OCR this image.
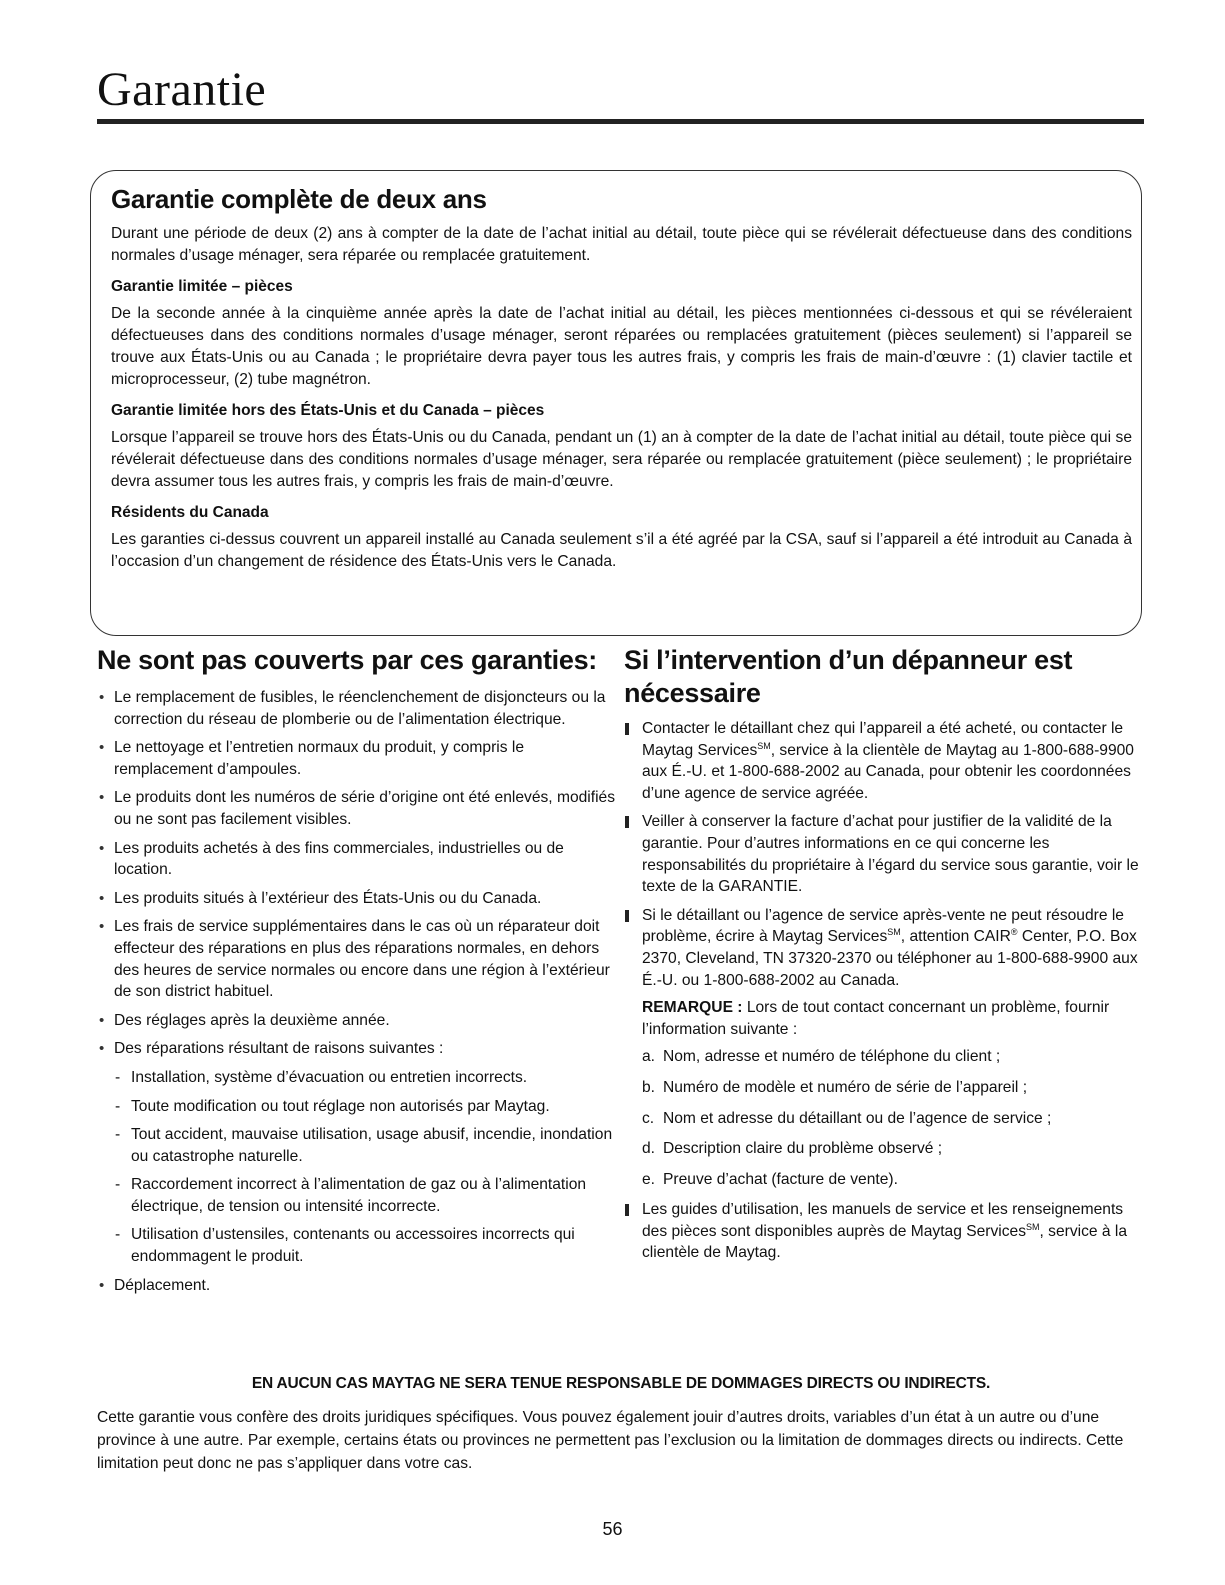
Garantie
Garantie complète de deux ans

Durant une période de deux (2) ans à compter de la date de l’achat initial au détail, toute pièce qui se révélerait défectueuse dans des conditions normales d’usage ménager, sera réparée ou remplacée gratuitement.

Garantie limitée – pièces

De la seconde année à la cinquième année après la date de l’achat initial au détail, les pièces mentionnées ci-dessous et qui se révéleraient défectueuses dans des conditions normales d’usage ménager, seront réparées ou remplacées gratuitement (pièces seulement) si l’appareil se trouve aux États-Unis ou au Canada ; le propriétaire devra payer tous les autres frais, y compris les frais de main-d’œuvre : (1) clavier tactile et microprocesseur, (2) tube magnétron.

Garantie limitée hors des États-Unis et du Canada – pièces

Lorsque l’appareil se trouve hors des États-Unis ou du Canada, pendant un (1) an à compter de la date de l’achat initial au détail, toute pièce qui se révélerait défectueuse dans des conditions normales d’usage ménager, sera réparée ou remplacée gratuitement (pièce seulement) ; le propriétaire devra assumer tous les autres frais, y compris les frais de main-d’œuvre.

Résidents du Canada

Les garanties ci-dessus couvrent un appareil installé au Canada seulement s’il a été agréé par la CSA, sauf si l’appareil a été introduit au Canada à l’occasion d’un changement de résidence des États-Unis vers le Canada.

Ne sont pas couverts par ces garanties:
• Le remplacement de fusibles, le réenclenchement de disjoncteurs ou la correction du réseau de plomberie ou de l’alimentation électrique.
• Le nettoyage et l’entretien normaux du produit, y compris le remplacement d’ampoules.
• Le produits dont les numéros de série d’origine ont été enlevés, modifiés ou ne sont pas facilement visibles.
• Les produits achetés à des fins commerciales, industrielles ou de location.
• Les produits situés à l’extérieur des États-Unis ou du Canada.
• Les frais de service supplémentaires dans le cas où un réparateur doit effecteur des réparations en plus des réparations normales, en dehors des heures de service normales ou encore dans une région à l’extérieur de son district habituel.
• Des réglages après la deuxième année.
• Des réparations résultant de raisons suivantes :
- Installation, système d’évacuation ou entretien incorrects.
- Toute modification ou tout réglage non autorisés par Maytag.
- Tout accident, mauvaise utilisation, usage abusif, incendie, inondation ou catastrophe naturelle.
- Raccordement incorrect à l’alimentation de gaz ou à l’alimentation électrique, de tension ou intensité incorrecte.
- Utilisation d’ustensiles, contenants ou accessoires incorrects qui endommagent le produit.
• Déplacement.
Si l’intervention d’un dépanneur est nécessaire
Contacter le détaillant chez qui l’appareil a été acheté, ou contacter le Maytag Services℠, service à la clientèle de Maytag au 1-800-688-9900 aux É.-U. et 1-800-688-2002 au Canada, pour obtenir les coordonnées d’une agence de service agréée.
Veiller à conserver la facture d’achat pour justifier de la validité de la garantie. Pour d’autres informations en ce qui concerne les responsabilités du propriétaire à l’égard du service sous garantie, voir le texte de la GARANTIE.
Si le détaillant ou l’agence de service après-vente ne peut résoudre le problème, écrire à Maytag Services℠, attention CAIR® Center, P.O. Box 2370, Cleveland, TN 37320-2370 ou téléphoner au 1-800-688-9900 aux É.-U. ou 1-800-688-2002 au Canada.

REMARQUE : Lors de tout contact concernant un problème, fournir l’information suivante :

a. Nom, adresse et numéro de téléphone du client ;
b. Numéro de modèle et numéro de série de l’appareil ;
c. Nom et adresse du détaillant ou de l’agence de service ;
d. Description claire du problème observé ;
e. Preuve d’achat (facture de vente).
Les guides d’utilisation, les manuels de service et les renseignements des pièces sont disponibles auprès de Maytag Services℠, service à la clientèle de Maytag.

EN AUCUN CAS MAYTAG NE SERA TENUE RESPONSABLE DE DOMMAGES DIRECTS OU INDIRECTS.

Cette garantie vous confère des droits juridiques spécifiques. Vous pouvez également jouir d’autres droits, variables d’un état à un autre ou d’une province à une autre. Par exemple, certains états ou provinces ne permettent pas l’exclusion ou la limitation de dommages directs ou indirects. Cette limitation peut donc ne pas s’appliquer dans votre cas.

56
